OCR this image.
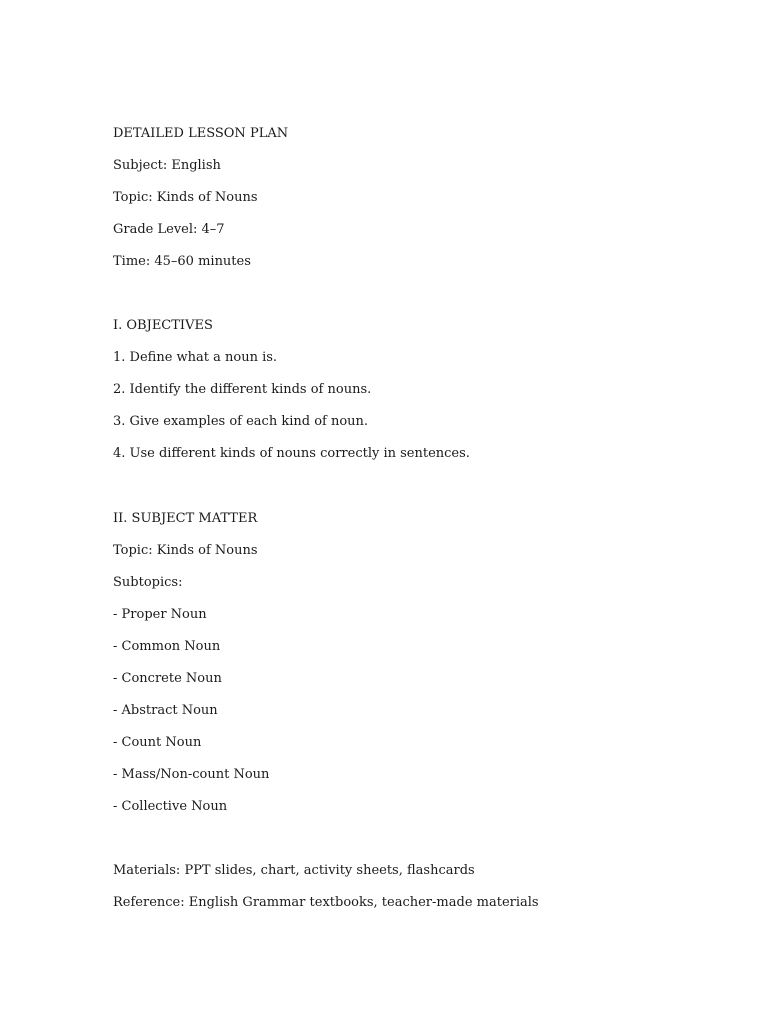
DETAILED LESSON PLAN
Subject: English
Topic: Kinds of Nouns
Grade Level: 4–7
Time: 45–60 minutes
I. OBJECTIVES
1. Define what a noun is.
2. Identify the different kinds of nouns.
3. Give examples of each kind of noun.
4. Use different kinds of nouns correctly in sentences.
II. SUBJECT MATTER
Topic: Kinds of Nouns
Subtopics:
- Proper Noun
- Common Noun
- Concrete Noun
- Abstract Noun
- Count Noun
- Mass/Non-count Noun
- Collective Noun
Materials: PPT slides, chart, activity sheets, flashcards
Reference: English Grammar textbooks, teacher-made materials
